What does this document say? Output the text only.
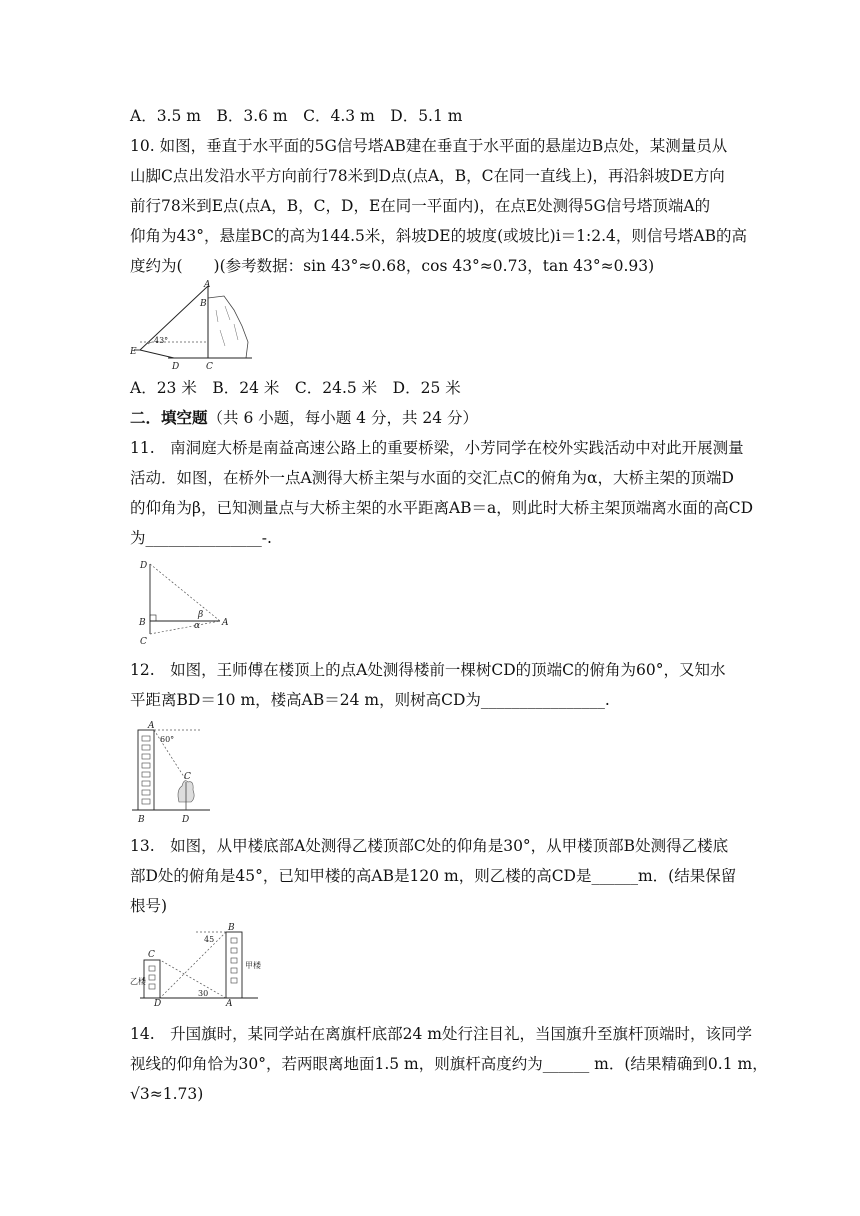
A．3.5 m　B．3.6 m　C．4.3 m　D．5.1 m
10. 如图，垂直于水平面的5G信号塔AB建在垂直于水平面的悬崖边B点处，某测量员从
山脚C点出发沿水平方向前行78米到D点(点A，B，C在同一直线上)，再沿斜坡DE方向
前行78米到E点(点A，B，C，D，E在同一平面内)，在点E处测得5G信号塔顶端A的
仰角为43°，悬崖BC的高为144.5米，斜坡DE的坡度(或坡比)i＝1:2.4，则信号塔AB的高
度约为(　　)(参考数据：sin 43°≈0.68，cos 43°≈0.73，tan 43°≈0.93)
A
B
C
D
E
43°
A．23 米　B．24 米　C．24.5 米　D．25 米
二．填空题（共 6 小题，每小题 4 分，共 24 分）
11.　南洞庭大桥是南益高速公路上的重要桥梁，小芳同学在校外实践活动中对此开展测量
活动．如图，在桥外一点A测得大桥主架与水面的交汇点C的俯角为α，大桥主架的顶端D
的仰角为β，已知测量点与大桥主架的水平距离AB＝a，则此时大桥主架顶端离水面的高CD
为_______________-.
D
B
C
A
β
α
12.　如图，王师傅在楼顶上的点A处测得楼前一棵树CD的顶端C的俯角为60°，又知水
平距离BD＝10 m，楼高AB＝24 m，则树高CD为________________.
A
60°
C
B	D
13.　如图，从甲楼底部A处测得乙楼顶部C处的仰角是30°，从甲楼顶部B处测得乙楼底
部D处的俯角是45°，已知甲楼的高AB是120 m，则乙楼的高CD是______m．(结果保留
根号)
B
45
30
C
D	A
甲楼
乙楼
14.　升国旗时，某同学站在离旗杆底部24 m处行注目礼，当国旗升至旗杆顶端时，该同学
视线的仰角恰为30°，若两眼离地面1.5 m，则旗杆高度约为______ m．(结果精确到0.1 m，
√3≈1.73)
